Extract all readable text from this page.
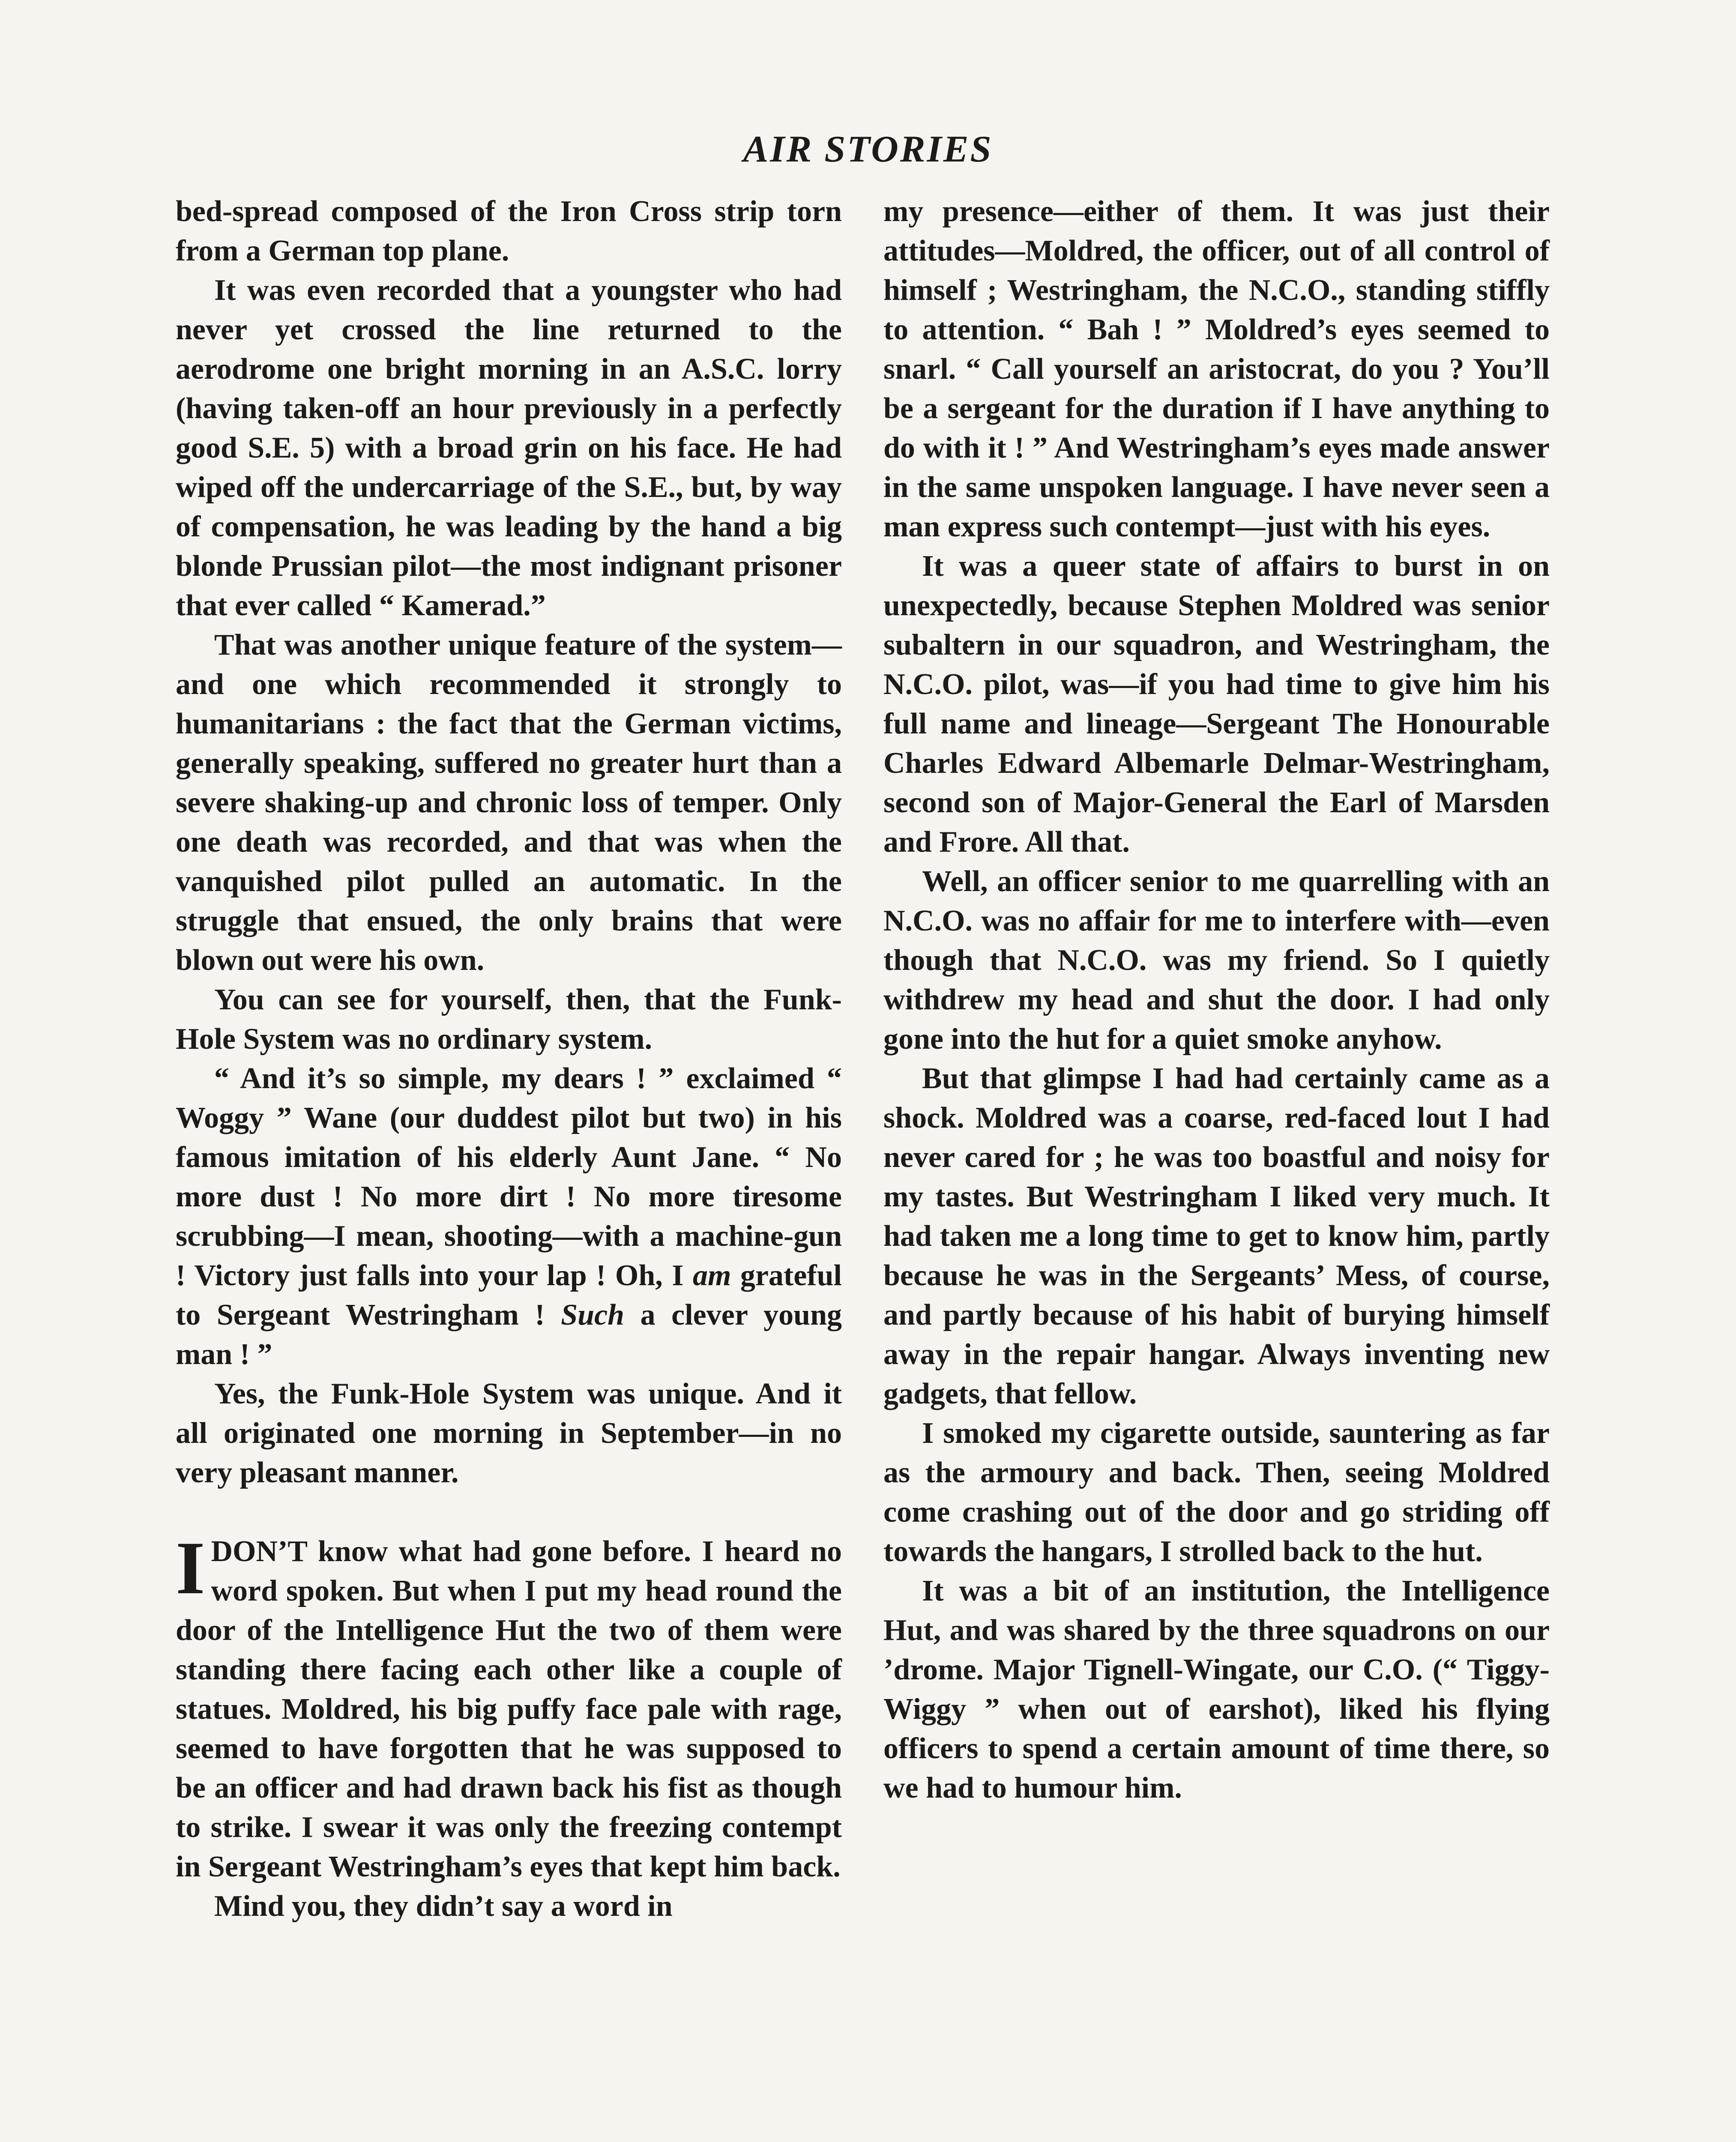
AIR STORIES

bed-spread composed of the Iron Cross strip torn from a German top plane.

It was even recorded that a youngster who had never yet crossed the line returned to the aerodrome one bright morning in an A.S.C. lorry (having taken-off an hour previously in a perfectly good S.E. 5) with a broad grin on his face. He had wiped off the undercarriage of the S.E., but, by way of compensation, he was leading by the hand a big blonde Prussian pilot—the most indignant prisoner that ever called “ Kamerad.”

That was another unique feature of the system—and one which recommended it strongly to humanitarians : the fact that the German victims, generally speaking, suffered no greater hurt than a severe shaking-up and chronic loss of temper. Only one death was recorded, and that was when the vanquished pilot pulled an automatic. In the struggle that ensued, the only brains that were blown out were his own.

You can see for yourself, then, that the Funk-Hole System was no ordinary system.

“ And it’s so simple, my dears ! ” exclaimed “ Woggy ” Wane (our duddest pilot but two) in his famous imitation of his elderly Aunt Jane. “ No more dust ! No more dirt ! No more tiresome scrubbing—I mean, shooting—with a machine-gun ! Victory just falls into your lap ! Oh, I am grateful to Sergeant Westringham ! Such a clever young man ! ”

Yes, the Funk-Hole System was unique. And it all originated one morning in September—in no very pleasant manner.

IDON’T know what had gone before. I heard no word spoken. But when I put my head round the door of the Intelligence Hut the two of them were standing there facing each other like a couple of statues. Moldred, his big puffy face pale with rage, seemed to have forgotten that he was supposed to be an officer and had drawn back his fist as though to strike. I swear it was only the freezing contempt in Sergeant Westringham’s eyes that kept him back.

Mind you, they didn’t say a word in

my presence—either of them. It was just their attitudes—Moldred, the officer, out of all control of himself ; Westringham, the N.C.O., standing stiffly to attention. “ Bah ! ” Moldred’s eyes seemed to snarl. “ Call yourself an aristocrat, do you ? You’ll be a sergeant for the duration if I have anything to do with it ! ” And Westringham’s eyes made answer in the same unspoken language. I have never seen a man express such contempt—just with his eyes.

It was a queer state of affairs to burst in on unexpectedly, because Stephen Moldred was senior subaltern in our squadron, and Westringham, the N.C.O. pilot, was—if you had time to give him his full name and lineage—Sergeant The Honourable Charles Edward Albemarle Delmar-Westringham, second son of Major-General the Earl of Marsden and Frore. All that.

Well, an officer senior to me quarrelling with an N.C.O. was no affair for me to interfere with—even though that N.C.O. was my friend. So I quietly withdrew my head and shut the door. I had only gone into the hut for a quiet smoke anyhow.

But that glimpse I had had certainly came as a shock. Moldred was a coarse, red-faced lout I had never cared for ; he was too boastful and noisy for my tastes. But Westringham I liked very much. It had taken me a long time to get to know him, partly because he was in the Sergeants’ Mess, of course, and partly because of his habit of burying himself away in the repair hangar. Always inventing new gadgets, that fellow.

I smoked my cigarette outside, sauntering as far as the armoury and back. Then, seeing Moldred come crashing out of the door and go striding off towards the hangars, I strolled back to the hut.

It was a bit of an institution, the Intelligence Hut, and was shared by the three squadrons on our ’drome. Major Tignell-Wingate, our C.O. (“ Tiggy-Wiggy ” when out of earshot), liked his flying officers to spend a certain amount of time there, so we had to humour him.
